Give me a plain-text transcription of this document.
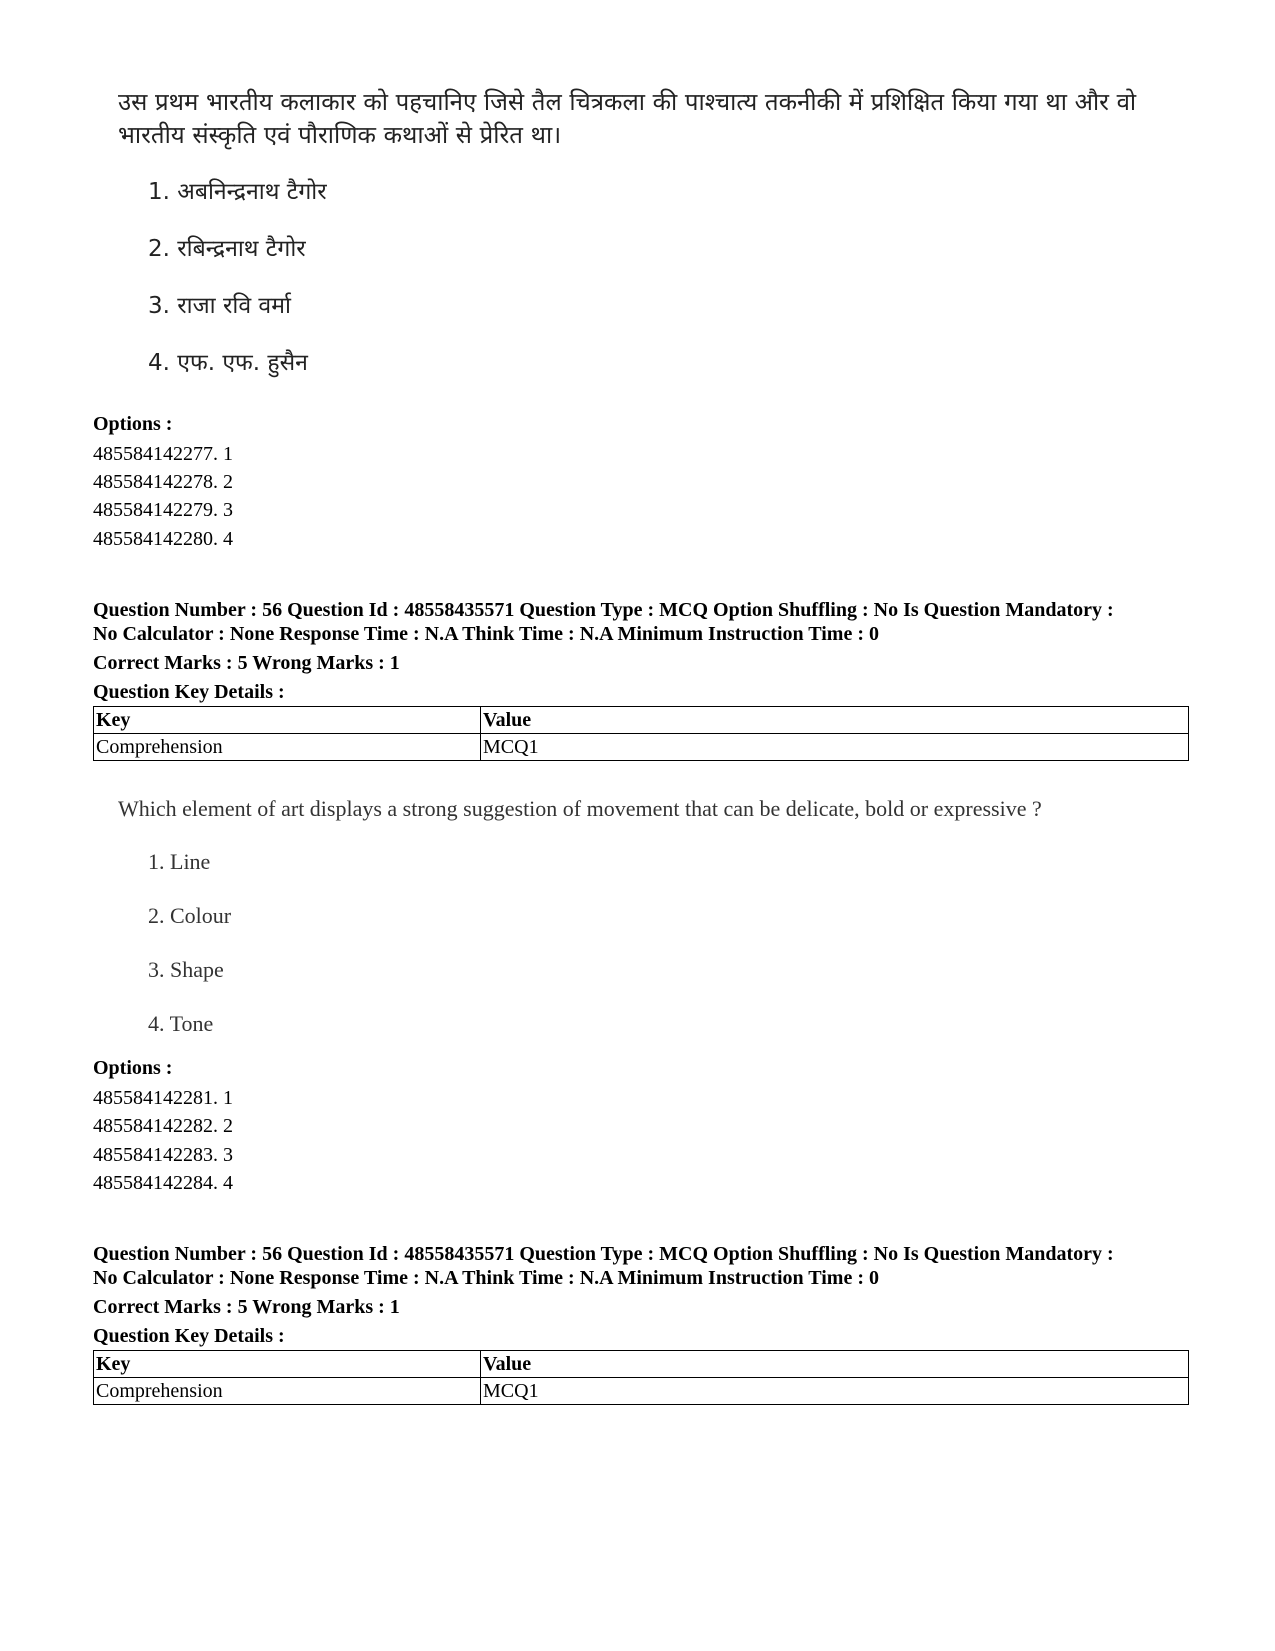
उस प्रथम भारतीय कलाकार को पहचानिए जिसे तैल चित्रकला की पाश्चात्य तकनीकी में प्रशिक्षित किया गया था और वो भारतीय संस्कृति एवं पौराणिक कथाओं से प्रेरित था।
1. अबनिन्द्रनाथ टैगोर
2. रबिन्द्रनाथ टैगोर
3. राजा रवि वर्मा
4. एफ. एफ. हुसैन
Options :
485584142277. 1
485584142278. 2
485584142279. 3
485584142280. 4
Question Number : 56 Question Id : 48558435571 Question Type : MCQ Option Shuffling : No Is Question Mandatory :
No Calculator : None Response Time : N.A Think Time : N.A Minimum Instruction Time : 0
Correct Marks : 5 Wrong Marks : 1
Question Key Details :
Key	Value
Comprehension	MCQ1
Which element of art displays a strong suggestion of movement that can be delicate, bold or expressive ?
1. Line
2. Colour
3. Shape
4. Tone
Options :
485584142281. 1
485584142282. 2
485584142283. 3
485584142284. 4
Question Number : 56 Question Id : 48558435571 Question Type : MCQ Option Shuffling : No Is Question Mandatory :
No Calculator : None Response Time : N.A Think Time : N.A Minimum Instruction Time : 0
Correct Marks : 5 Wrong Marks : 1
Question Key Details :
Key	Value
Comprehension	MCQ1
